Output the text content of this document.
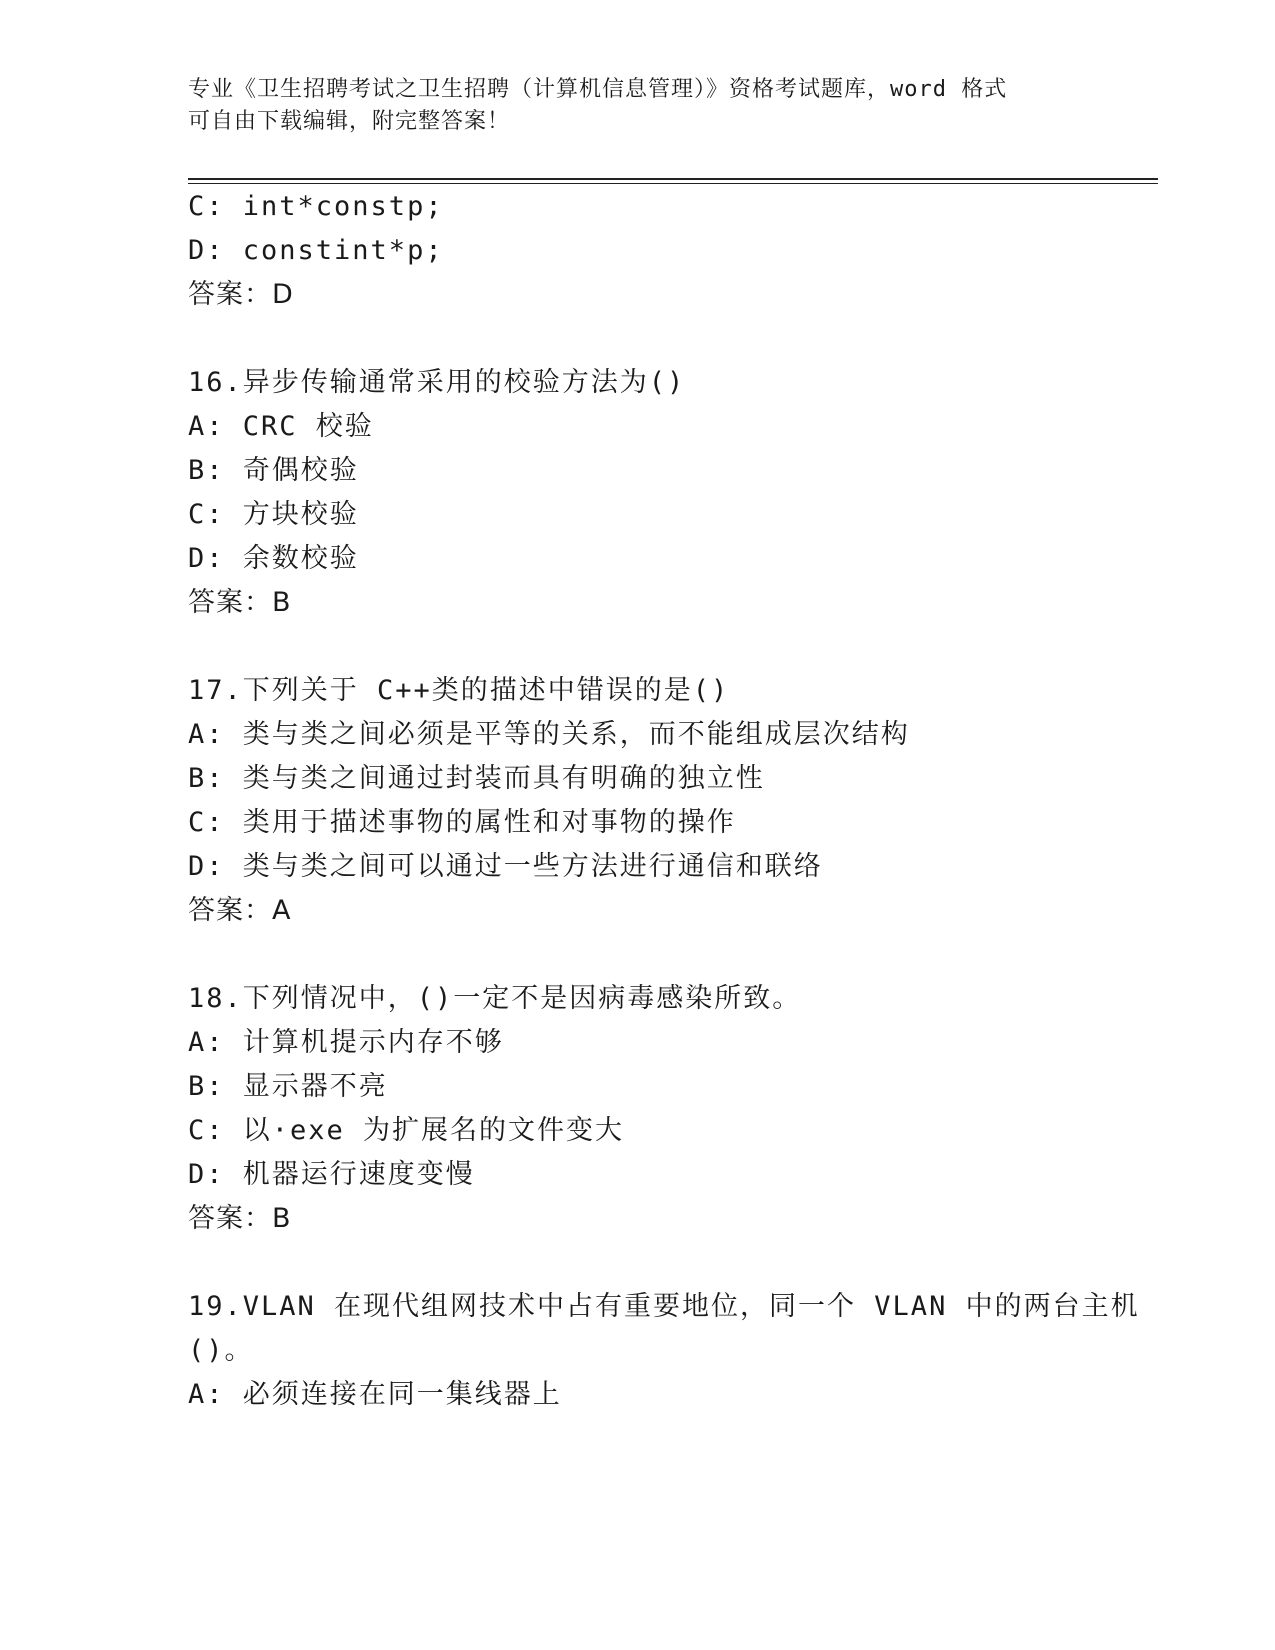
专业《卫生招聘考试之卫生招聘（计算机信息管理）》资格考试题库，word 格式
可自由下载编辑，附完整答案！
C: int*constp;
D: constint*p;
答案：D
16.异步传输通常采用的校验方法为()
A: CRC 校验
B: 奇偶校验
C: 方块校验
D: 余数校验
答案：B
17.下列关于 C++类的描述中错误的是()
A: 类与类之间必须是平等的关系，而不能组成层次结构
B: 类与类之间通过封装而具有明确的独立性
C: 类用于描述事物的属性和对事物的操作
D: 类与类之间可以通过一些方法进行通信和联络
答案：A
18.下列情况中，()一定不是因病毒感染所致。
A: 计算机提示内存不够
B: 显示器不亮
C: 以·exe 为扩展名的文件变大
D: 机器运行速度变慢
答案：B
19.VLAN 在现代组网技术中占有重要地位，同一个 VLAN 中的两台主机
()。
A: 必须连接在同一集线器上
